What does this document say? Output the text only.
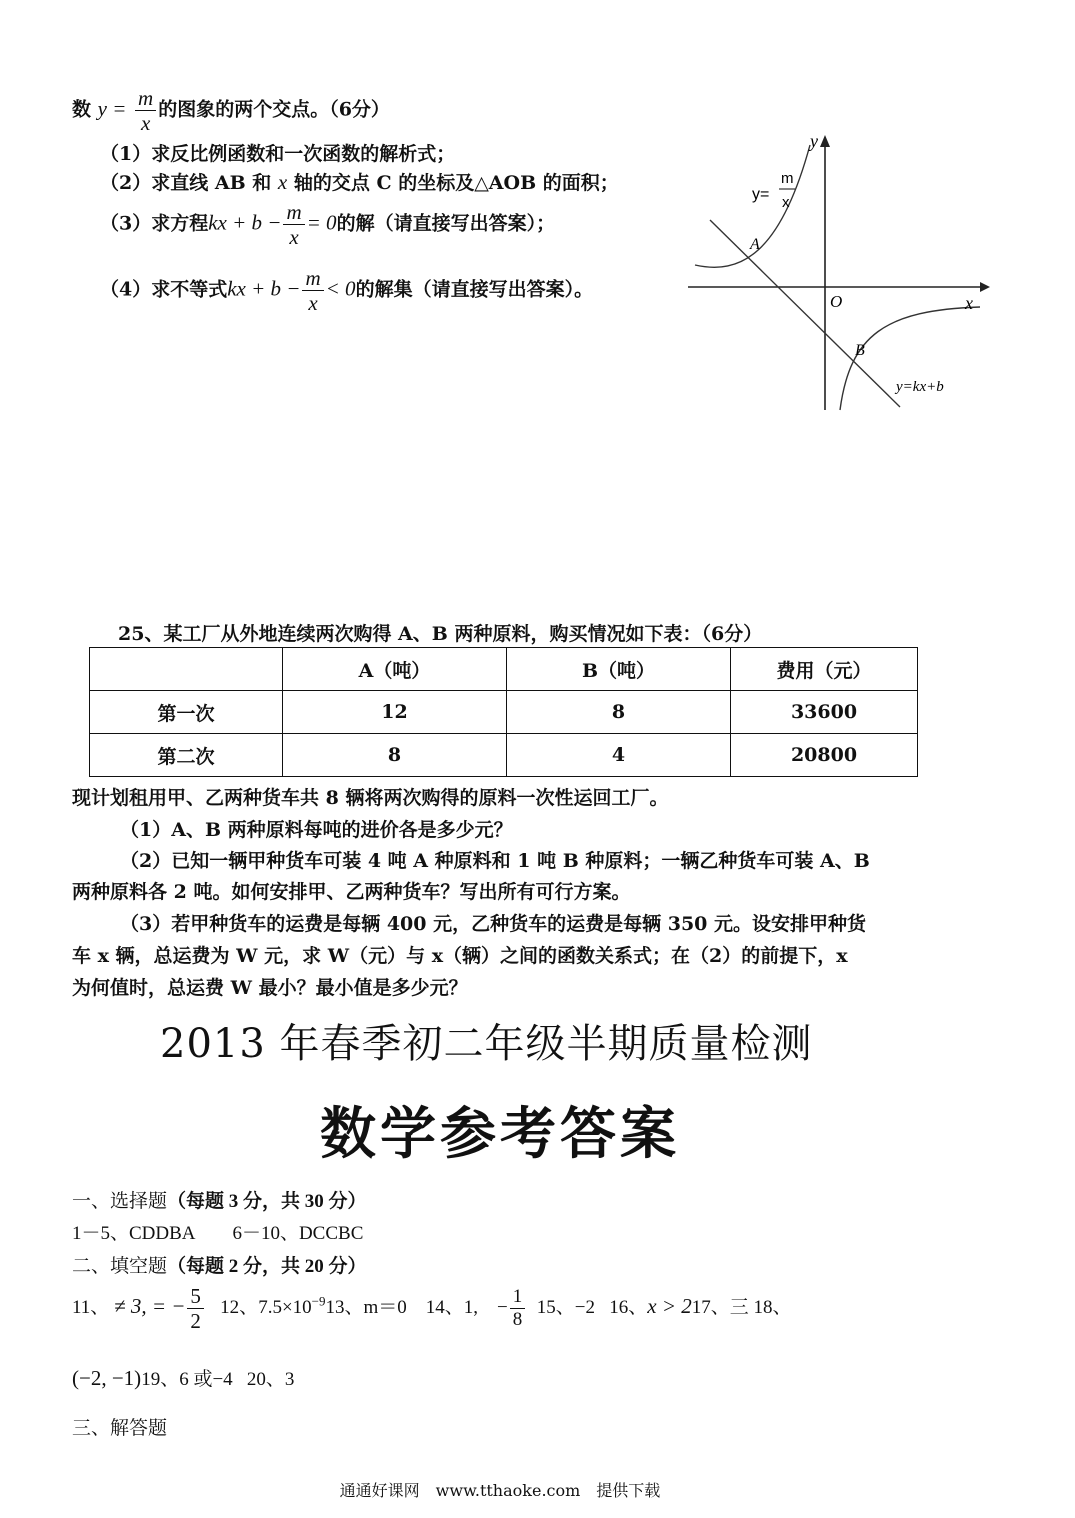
数 $y = \frac{m}{x}$ 的图象的两个交点。（6分）
（1）求反比例函数和一次函数的解析式；
（2）求直线 AB 和 x 轴的交点 C 的坐标及△AOB 的面积；
（3）求方程kx + $b - \frac{m}{x} = 0$的解（请直接写出答案）；
（4）求不等式kx + $b - \frac{m}{x} < 0$的解集（请直接写出答案）。
y
x
O
A
B
y=
m
x
y=kx+b
25、某工厂从外地连续两次购得 A、B 两种原料，购买情况如下表：（6分）
	A（吨）	B（吨）	费用（元）
第一次	12	8	33600
第二次	8	4	20800
现计划租用甲、乙两种货车共 8 辆将两次购得的原料一次性运回工厂。
（1）A、B 两种原料每吨的进价各是多少元？
（2）已知一辆甲种货车可装 4 吨 A 种原料和 1 吨 B 种原料；一辆乙种货车可装 A、B
两种原料各 2 吨。如何安排甲、乙两种货车？写出所有可行方案。
（3）若甲种货车的运费是每辆 400 元，乙种货车的运费是每辆 350 元。设安排甲种货
车 x 辆，总运费为 W 元，求 W（元）与 x（辆）之间的函数关系式；在（2）的前提下，x
为何值时，总运费 W 最小？最小值是多少元？
2013 年春季初二年级半期质量检测
数学参考答案
一、选择题（每题 3 分，共 30 分）
1－5、CDDBA　　6－10、DCCBC
二、填空题（每题 2 分，共 20 分）
11、 ≠ 3, = − $\frac{5}{2} 12$、$7.5\times 10^{-9}13$、m＝0 14、1, − $\frac{1}{8} 15$、−2 16、x > 217、三 18、
(−2, −1)19、6 或−4 20、3
三、解答题
通通好课网　www.tthaoke.com　提供下载
